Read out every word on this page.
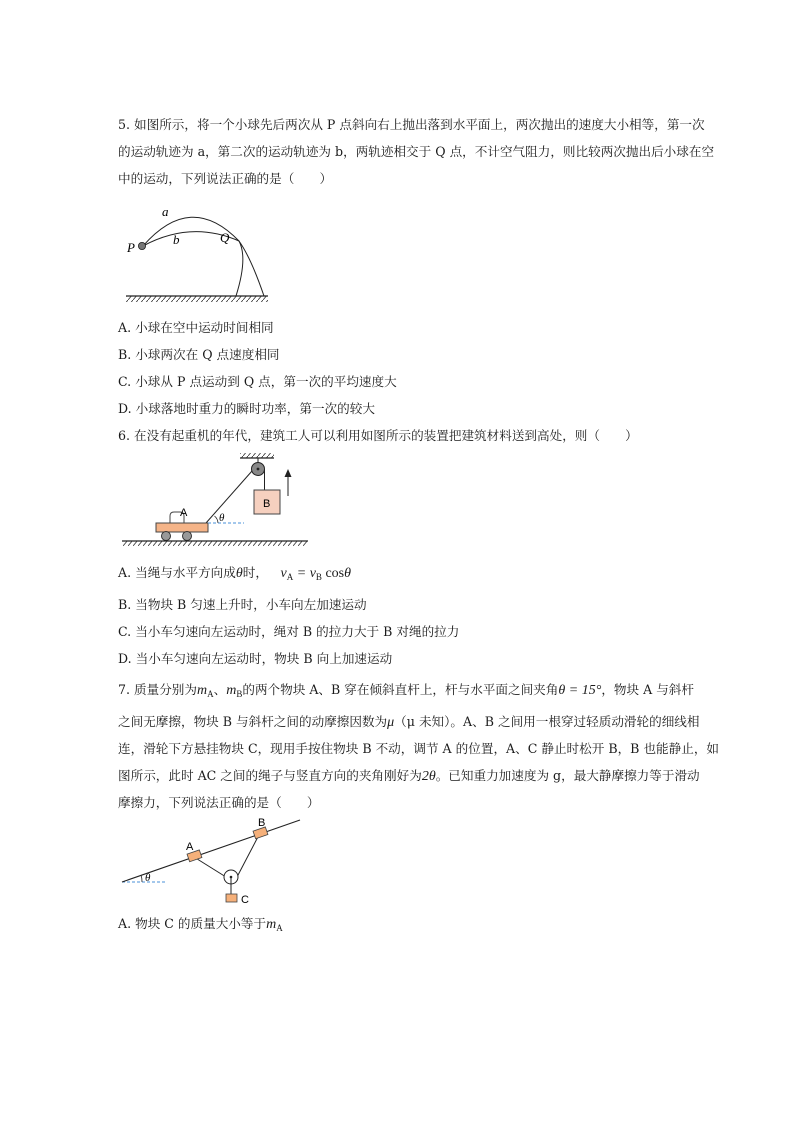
5. 如图所示，将一个小球先后两次从 P 点斜向右上抛出落到水平面上，两次抛出的速度大小相等，第一次
的运动轨迹为 a，第二次的运动轨迹为 b，两轨迹相交于 Q 点，不计空气阻力，则比较两次抛出后小球在空
中的运动，下列说法正确的是（　　）
a
b
P
Q
A. 小球在空中运动时间相同
B. 小球两次在 Q 点速度相同
C. 小球从 P 点运动到 Q 点，第一次的平均速度大
D. 小球落地时重力的瞬时功率，第一次的较大
6. 在没有起重机的年代，建筑工人可以利用如图所示的装置把建筑材料送到高处，则（　　）
B
A	θ
A. 当绳与水平方向成θ时，  $v_A = v_B$ cosθ
B. 当物块 B 匀速上升时，小车向左加速运动
C. 当小车匀速向左运动时，绳对 B 的拉力大于 B 对绳的拉力
D. 当小车匀速向左运动时，物块 B 向上加速运动
7. 质量分别为$m_A$、$m_B$的两个物块 A、B 穿在倾斜直杆上，杆与水平面之间夹角θ = 15°，物块 A 与斜杆
之间无摩擦，物块 B 与斜杆之间的动摩擦因数为μ（μ 未知）。A、B 之间用一根穿过轻质动滑轮的细线相
连，滑轮下方悬挂物块 C，现用手按住物块 B 不动，调节 A 的位置，A、C 静止时松开 B，B 也能静止，如
图所示，此时 AC 之间的绳子与竖直方向的夹角刚好为2θ。已知重力加速度为 g，最大静摩擦力等于滑动
摩擦力，下列说法正确的是（　　）
θ
C
A
B
A. 物块 C 的质量大小等于$m_A$
